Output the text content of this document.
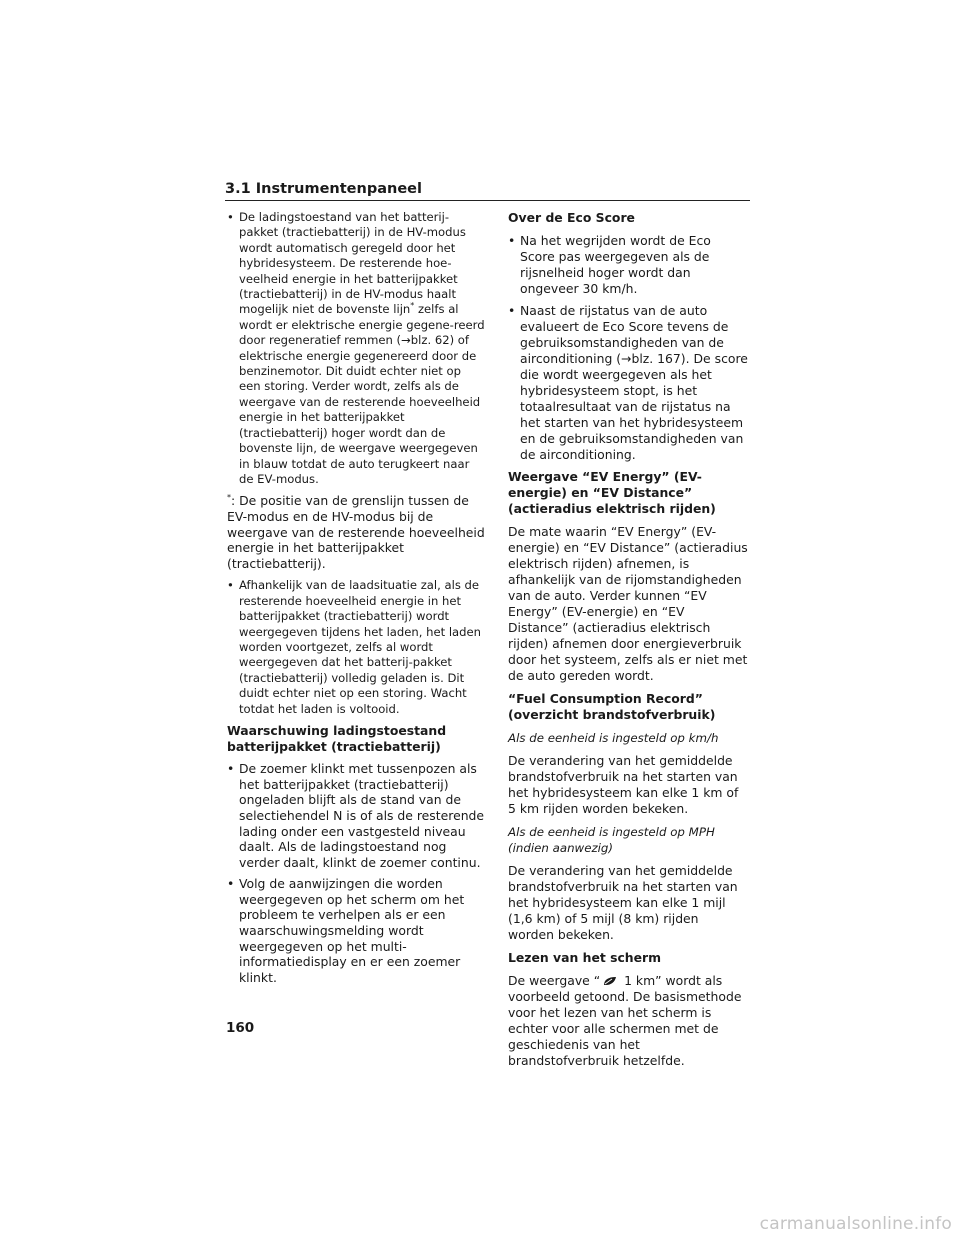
3.1 Instrumentenpaneel
• De ladingstoestand van het batterij-pakket (tractiebatterij) in de HV-modus wordt automatisch geregeld door het hybridesysteem. De resterende hoe-veelheid energie in het batterijpakket (tractiebatterij) in de HV-modus haalt mogelijk niet de bovenste lijn* zelfs al wordt er elektrische energie gegene-reerd door regeneratief remmen (→blz. 62) of elektrische energie gegenereerd door de benzinemotor. Dit duidt echter niet op een storing. Verder wordt, zelfs als de weergave van de resterende hoeveelheid energie in het batterijpakket (tractiebatterij) hoger wordt dan de bovenste lijn, de weergave weergegeven in blauw totdat de auto terugkeert naar de EV-modus.
*: De positie van de grenslijn tussen de EV-modus en de HV-modus bij de weergave van de resterende hoeveelheid energie in het batterijpakket (tractiebatterij).
• Afhankelijk van de laadsituatie zal, als de resterende hoeveelheid energie in het batterijpakket (tractiebatterij) wordt weergegeven tijdens het laden, het laden worden voortgezet, zelfs al wordt weergegeven dat het batterij-pakket (tractiebatterij) volledig geladen is. Dit duidt echter niet op een storing. Wacht totdat het laden is voltooid.
Waarschuwing ladingstoestand batterijpakket (tractiebatterij)
• De zoemer klinkt met tussenpozen als het batterijpakket (tractiebatterij) ongeladen blijft als de stand van de selectiehendel N is of als de resterende lading onder een vastgesteld niveau daalt. Als de ladingstoestand nog verder daalt, klinkt de zoemer continu.
• Volg de aanwijzingen die worden weergegeven op het scherm om het probleem te verhelpen als er een waarschuwingsmelding wordt weergegeven op het multi-informatiedisplay en er een zoemer klinkt.
Over de Eco Score
• Na het wegrijden wordt de Eco Score pas weergegeven als de rijsnelheid hoger wordt dan ongeveer 30 km/h.
• Naast de rijstatus van de auto evalueert de Eco Score tevens de gebruiksomstandigheden van de airconditioning (→blz. 167). De score die wordt weergegeven als het hybridesysteem stopt, is het totaalresultaat van de rijstatus na het starten van het hybridesysteem en de gebruiksomstandigheden van de airconditioning.
Weergave “EV Energy” (EV-energie) en “EV Distance” (actieradius elektrisch rijden)
De mate waarin “EV Energy” (EV-energie) en “EV Distance” (actieradius elektrisch rijden) afnemen, is afhankelijk van de rijomstandigheden van de auto. Verder kunnen “EV Energy” (EV-energie) en “EV Distance” (actieradius elektrisch rijden) afnemen door energieverbruik door het systeem, zelfs als er niet met de auto gereden wordt.
“Fuel Consumption Record” (overzicht brandstofverbruik)
Als de eenheid is ingesteld op km/h
De verandering van het gemiddelde brandstofverbruik na het starten van het hybridesysteem kan elke 1 km of 5 km rijden worden bekeken.
Als de eenheid is ingesteld op MPH (indien aanwezig)
De verandering van het gemiddelde brandstofverbruik na het starten van het hybridesysteem kan elke 1 mijl (1,6 km) of 5 mijl (8 km) rijden worden bekeken.
Lezen van het scherm
De weergave “ 1 km” wordt als voorbeeld getoond. De basismethode voor het lezen van het scherm is echter voor alle schermen met de geschiedenis van het brandstofverbruik hetzelfde.
160
carmanualsonline.info
